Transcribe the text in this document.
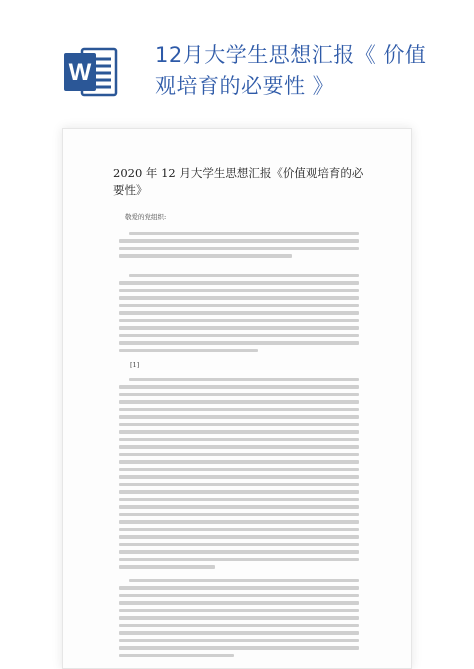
W
12月大学生思想汇报《 价值
观培育的必要性 》
2020 年 12 月大学生思想汇报《价值观培育的必要性》
敬爱的党组织:
[1]
